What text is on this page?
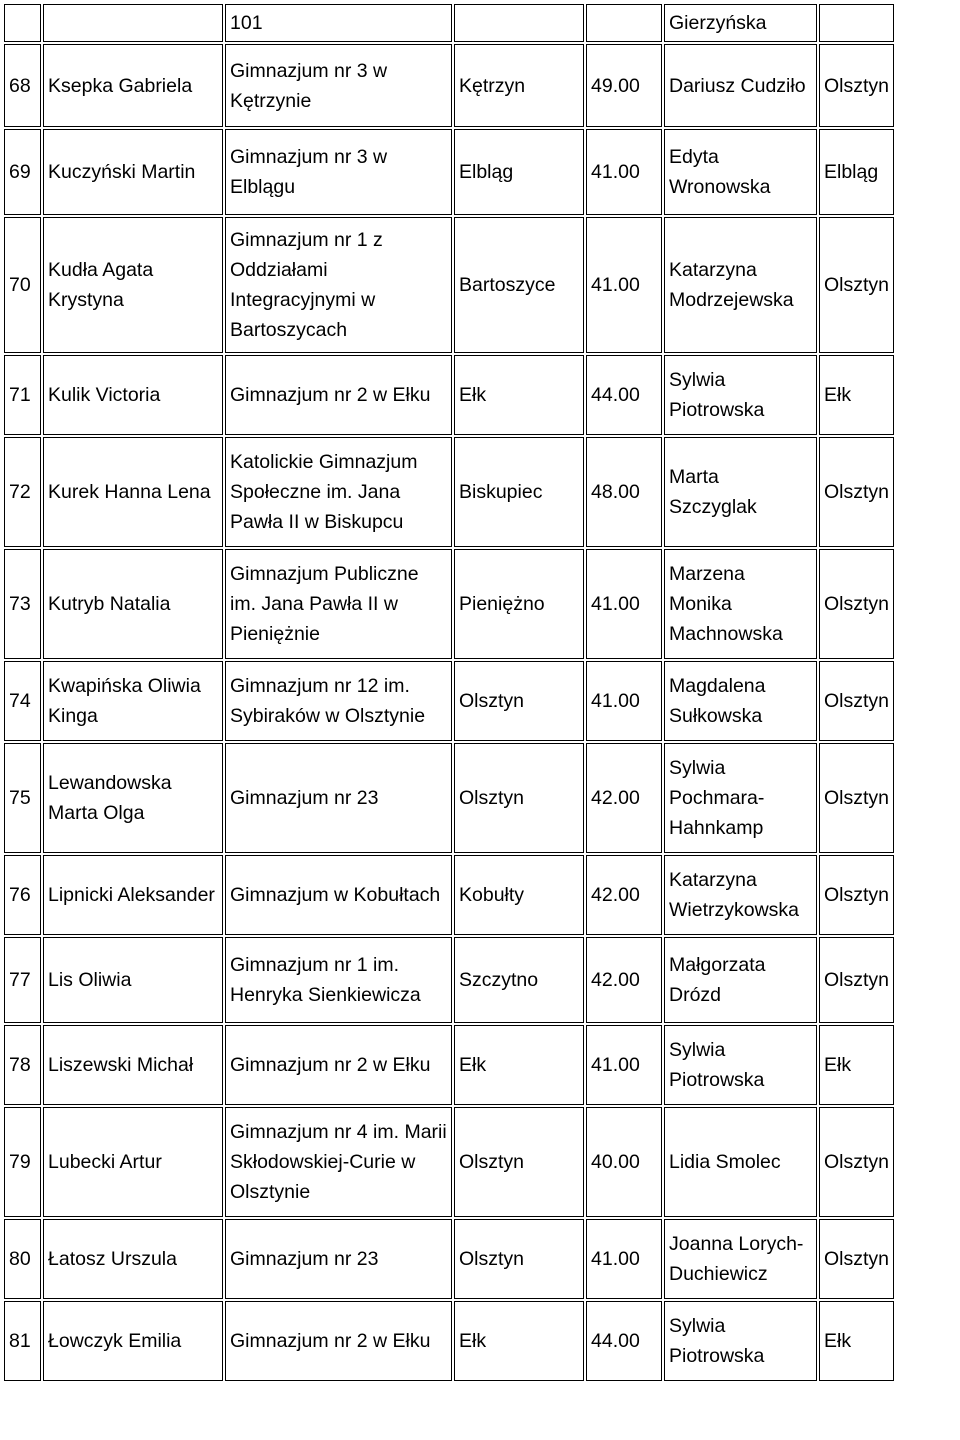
		101			Gierzyńska	
68	Ksepka Gabriela	Gimnazjum nr 3 w Kętrzynie	Kętrzyn	49.00	Dariusz Cudziło	Olsztyn
69	Kuczyński Martin	Gimnazjum nr 3 w Elblągu	Elbląg	41.00	Edyta Wronowska	Elbląg
70	Kudła Agata Krystyna	Gimnazjum nr 1 z Oddziałami Integracyjnymi w Bartoszycach	Bartoszyce	41.00	Katarzyna Modrzejewska	Olsztyn
71	Kulik Victoria	Gimnazjum nr 2 w Ełku	Ełk	44.00	Sylwia Piotrowska	Ełk
72	Kurek Hanna Lena	Katolickie Gimnazjum Społeczne im. Jana Pawła II w Biskupcu	Biskupiec	48.00	Marta Szczyglak	Olsztyn
73	Kutryb Natalia	Gimnazjum Publiczne im. Jana Pawła II w Pieniężnie	Pieniężno	41.00	Marzena Monika Machnowska	Olsztyn
74	Kwapińska Oliwia Kinga	Gimnazjum nr 12 im. Sybiraków w Olsztynie	Olsztyn	41.00	Magdalena Sułkowska	Olsztyn
75	Lewandowska Marta Olga	Gimnazjum nr 23	Olsztyn	42.00	Sylwia Pochmara-Hahnkamp	Olsztyn
76	Lipnicki Aleksander	Gimnazjum w Kobułtach	Kobułty	42.00	Katarzyna Wietrzykowska	Olsztyn
77	Lis Oliwia	Gimnazjum nr 1 im. Henryka Sienkiewicza	Szczytno	42.00	Małgorzata Drózd	Olsztyn
78	Liszewski Michał	Gimnazjum nr 2 w Ełku	Ełk	41.00	Sylwia Piotrowska	Ełk
79	Lubecki Artur	Gimnazjum nr 4 im. Marii Skłodowskiej-Curie w Olsztynie	Olsztyn	40.00	Lidia Smolec	Olsztyn
80	Łatosz Urszula	Gimnazjum nr 23	Olsztyn	41.00	Joanna Lorych-Duchiewicz	Olsztyn
81	Łowczyk Emilia	Gimnazjum nr 2 w Ełku	Ełk	44.00	Sylwia Piotrowska	Ełk
